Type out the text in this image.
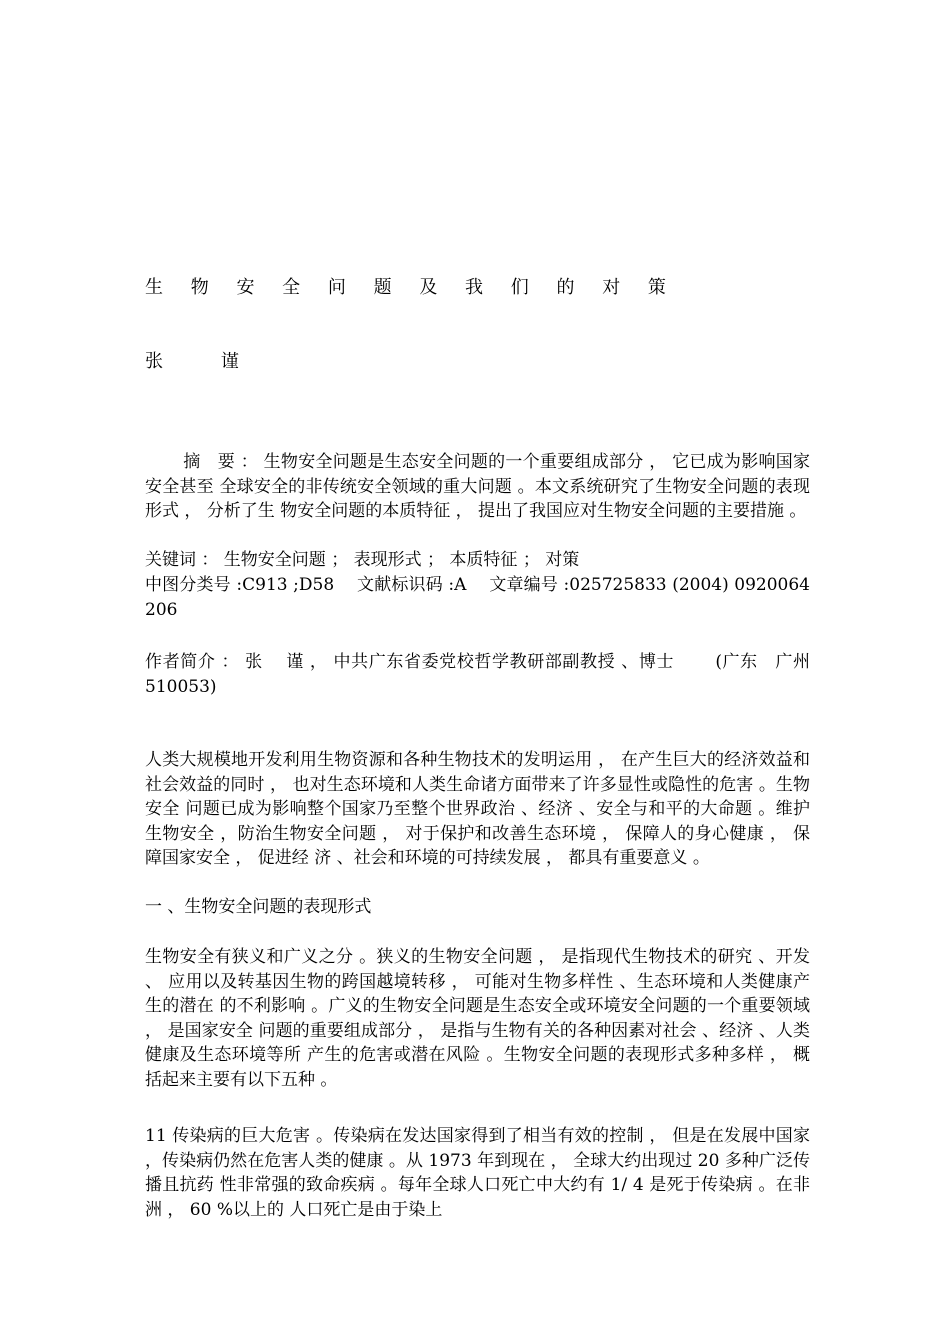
生 物 安 全 问 题 及 我 们 的 对 策
张 谨
摘　要 ： 生物安全问题是生态安全问题的一个重要组成部分 ， 它已成为影响国家安全甚至 全球安全的非传统安全领域的重大问题 。本文系统研究了生物安全问题的表现形式 ， 分析了生 物安全问题的本质特征 ， 提出了我国应对生物安全问题的主要措施 。
关键词 ： 生物安全问题 ； 表现形式 ； 本质特征 ； 对策
中图分类号 :C913 ;D58　 文献标识码 :A　 文章编号 :025725833 (2004) 0920064206
作者简介 ： 张　 谨 ， 中共广东省委党校哲学教研部副教授 、博士　　 (广东　广州　 510053)
人类大规模地开发利用生物资源和各种生物技术的发明运用 ， 在产生巨大的经济效益和 社会效益的同时 ， 也对生态环境和人类生命诸方面带来了许多显性或隐性的危害 。生物安全 问题已成为影响整个国家乃至整个世界政治 、经济 、安全与和平的大命题 。维护生物安全 ，防治生物安全问题 ， 对于保护和改善生态环境 ， 保障人的身心健康 ， 保障国家安全 ， 促进经 济 、社会和环境的可持续发展 ， 都具有重要意义 。
一 、生物安全问题的表现形式
生物安全有狭义和广义之分 。狭义的生物安全问题 ， 是指现代生物技术的研究 、开发 、 应用以及转基因生物的跨国越境转移 ， 可能对生物多样性 、生态环境和人类健康产生的潜在 的不利影响 。广义的生物安全问题是生态安全或环境安全问题的一个重要领域 ， 是国家安全 问题的重要组成部分 ， 是指与生物有关的各种因素对社会 、经济 、人类健康及生态环境等所 产生的危害或潜在风险 。生物安全问题的表现形式多种多样 ， 概括起来主要有以下五种 。
11 传染病的巨大危害 。传染病在发达国家得到了相当有效的控制 ， 但是在发展中国家 ，传染病仍然在危害人类的健康 。从 1973 年到现在 ， 全球大约出现过 20 多种广泛传播且抗药 性非常强的致命疾病 。每年全球人口死亡中大约有 1/ 4 是死于传染病 。在非洲 ， 60 %以上的 人口死亡是由于染上
